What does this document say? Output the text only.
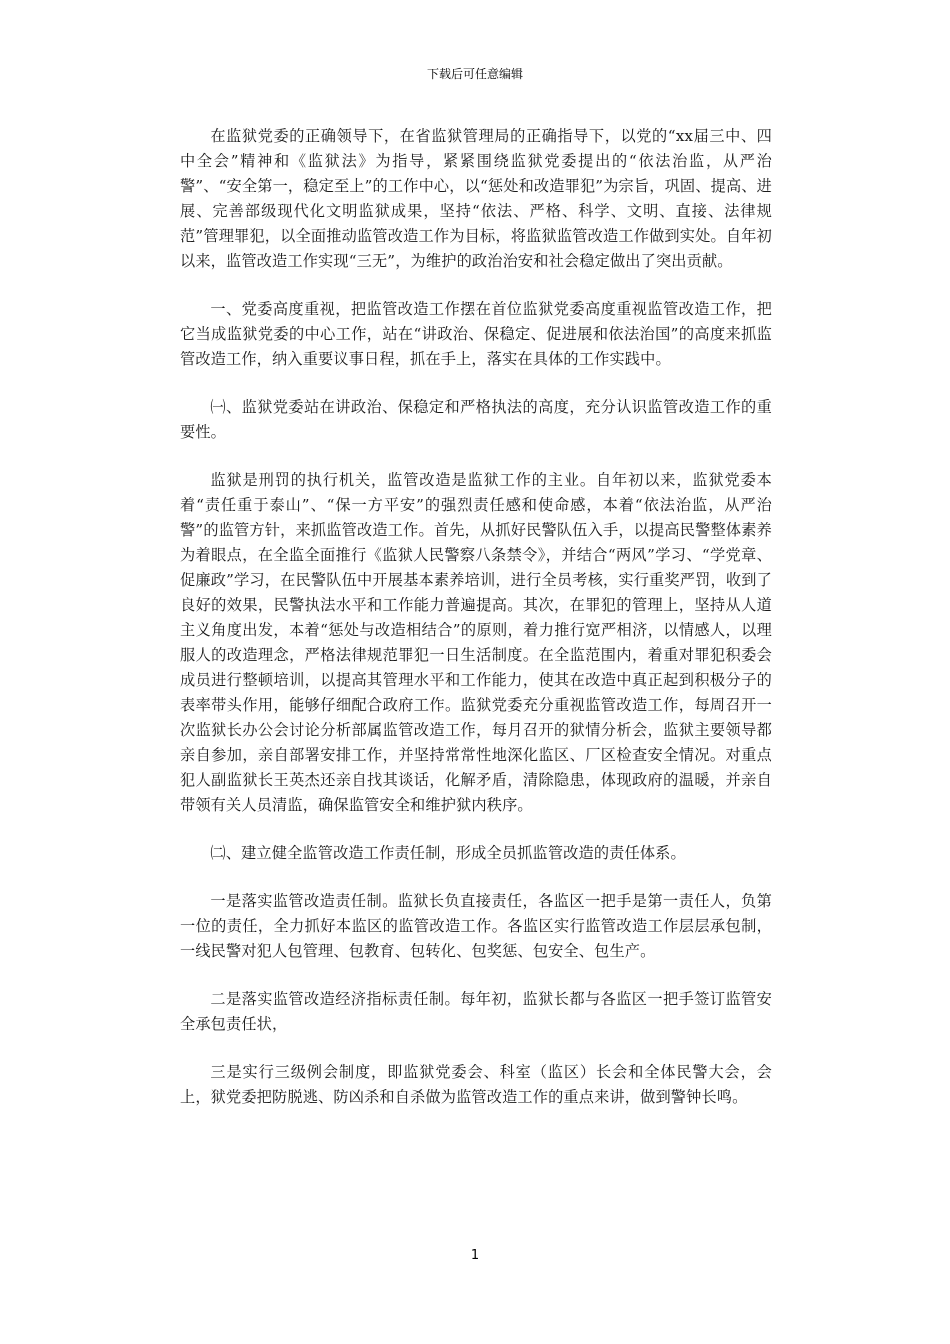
下载后可任意编辑

在监狱党委的正确领导下，在省监狱管理局的正确指导下，以党的“xx届三中、四中全会”精神和《监狱法》为指导，紧紧围绕监狱党委提出的“依法治监，从严治警”、“安全第一，稳定至上”的工作中心，以“惩处和改造罪犯”为宗旨，巩固、提高、进展、完善部级现代化文明监狱成果，坚持“依法、严格、科学、文明、直接、法律规范”管理罪犯，以全面推动监管改造工作为目标，将监狱监管改造工作做到实处。自年初以来，监管改造工作实现“三无”，为维护的政治治安和社会稳定做出了突出贡献。

一、党委高度重视，把监管改造工作摆在首位监狱党委高度重视监管改造工作，把它当成监狱党委的中心工作，站在“讲政治、保稳定、促进展和依法治国”的高度来抓监管改造工作，纳入重要议事日程，抓在手上，落实在具体的工作实践中。

㈠、监狱党委站在讲政治、保稳定和严格执法的高度，充分认识监管改造工作的重要性。

监狱是刑罚的执行机关，监管改造是监狱工作的主业。自年初以来，监狱党委本着“责任重于泰山”、“保一方平安”的强烈责任感和使命感，本着“依法治监，从严治警”的监管方针，来抓监管改造工作。首先，从抓好民警队伍入手，以提高民警整体素养为着眼点，在全监全面推行《监狱人民警察八条禁令》，并结合“两风”学习、“学党章、促廉政”学习，在民警队伍中开展基本素养培训，进行全员考核，实行重奖严罚，收到了良好的效果，民警执法水平和工作能力普遍提高。其次，在罪犯的管理上，坚持从人道主义角度出发，本着“惩处与改造相结合”的原则，着力推行宽严相济，以情感人，以理服人的改造理念，严格法律规范罪犯一日生活制度。在全监范围内，着重对罪犯积委会成员进行整顿培训，以提高其管理水平和工作能力，使其在改造中真正起到积极分子的表率带头作用，能够仔细配合政府工作。监狱党委充分重视监管改造工作，每周召开一次监狱长办公会讨论分析部属监管改造工作，每月召开的狱情分析会，监狱主要领导都亲自参加，亲自部署安排工作，并坚持常常性地深化监区、厂区检查安全情况。对重点犯人副监狱长王英杰还亲自找其谈话，化解矛盾，清除隐患，体现政府的温暖，并亲自带领有关人员清监，确保监管安全和维护狱内秩序。

㈡、建立健全监管改造工作责任制，形成全员抓监管改造的责任体系。

一是落实监管改造责任制。监狱长负直接责任，各监区一把手是第一责任人，负第一位的责任，全力抓好本监区的监管改造工作。各监区实行监管改造工作层层承包制，一线民警对犯人包管理、包教育、包转化、包奖惩、包安全、包生产。

二是落实监管改造经济指标责任制。每年初，监狱长都与各监区一把手签订监管安全承包责任状，

三是实行三级例会制度，即监狱党委会、科室（监区）长会和全体民警大会，会上，狱党委把防脱逃、防凶杀和自杀做为监管改造工作的重点来讲，做到警钟长鸣。

1
